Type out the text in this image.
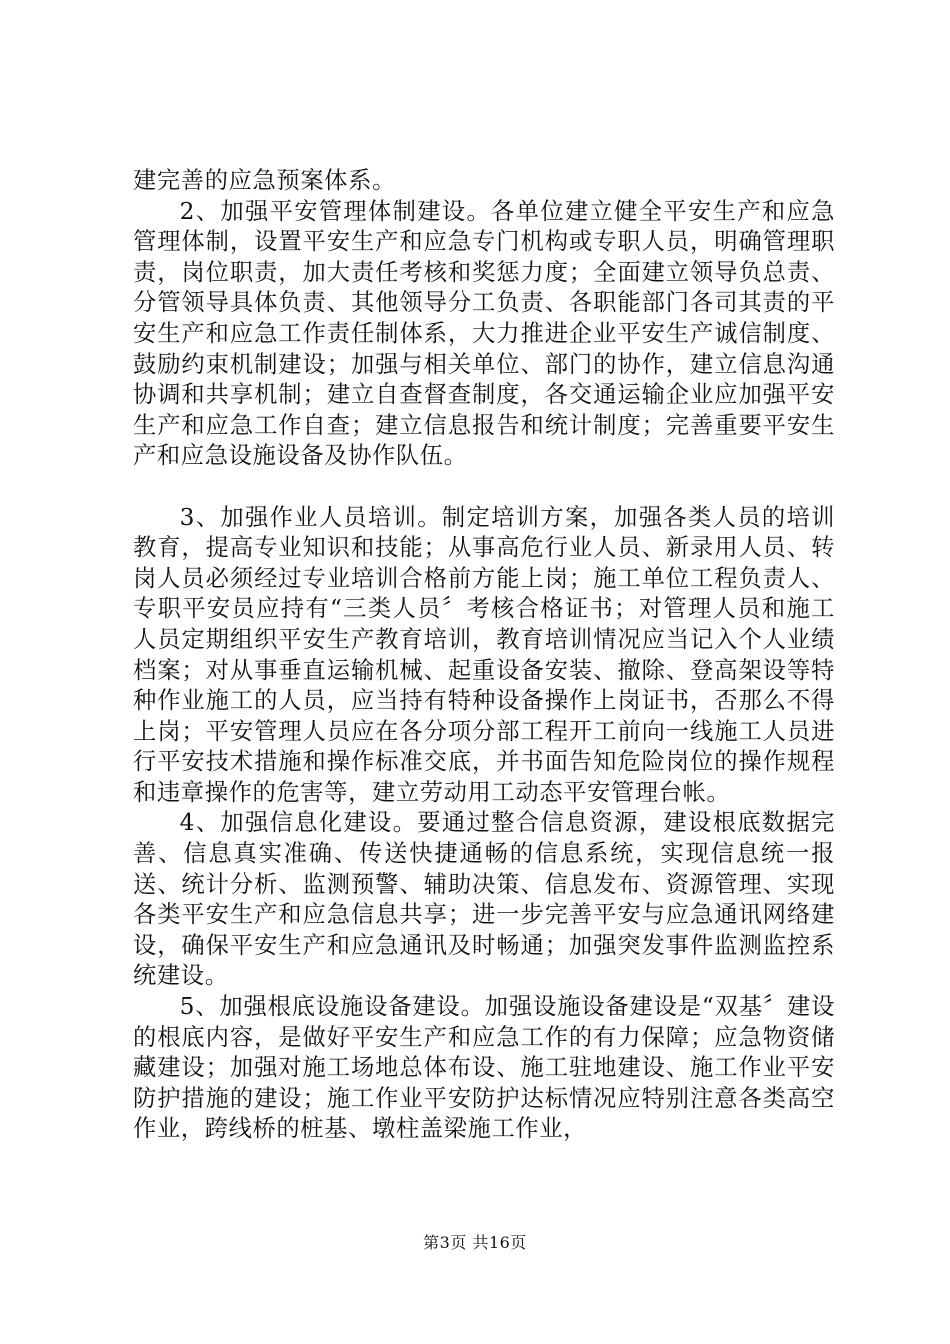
建完善的应急预案体系。

2、加强平安管理体制建设。各单位建立健全平安生产和应急管理体制，设置平安生产和应急专门机构或专职人员，明确管理职责，岗位职责，加大责任考核和奖惩力度；全面建立领导负总责、分管领导具体负责、其他领导分工负责、各职能部门各司其责的平安生产和应急工作责任制体系，大力推进企业平安生产诚信制度、鼓励约束机制建设；加强与相关单位、部门的协作，建立信息沟通协调和共享机制；建立自查督查制度，各交通运输企业应加强平安生产和应急工作自查；建立信息报告和统计制度；完善重要平安生产和应急设施设备及协作队伍。

3、加强作业人员培训。制定培训方案，加强各类人员的培训教育，提高专业知识和技能；从事高危行业人员、新录用人员、转岗人员必须经过专业培训合格前方能上岗；施工单位工程负责人、专职平安员应持有“三类人员〞考核合格证书；对管理人员和施工人员定期组织平安生产教育培训，教育培训情况应当记入个人业绩档案；对从事垂直运输机械、起重设备安装、撤除、登高架设等特种作业施工的人员，应当持有特种设备操作上岗证书，否那么不得上岗；平安管理人员应在各分项分部工程开工前向一线施工人员进行平安技术措施和操作标准交底，并书面告知危险岗位的操作规程和违章操作的危害等，建立劳动用工动态平安管理台帐。

4、加强信息化建设。要通过整合信息资源，建设根底数据完善、信息真实准确、传送快捷通畅的信息系统，实现信息统一报送、统计分析、监测预警、辅助决策、信息发布、资源管理、实现各类平安生产和应急信息共享；进一步完善平安与应急通讯网络建设，确保平安生产和应急通讯及时畅通；加强突发事件监测监控系统建设。

5、加强根底设施设备建设。加强设施设备建设是“双基〞建设的根底内容，是做好平安生产和应急工作的有力保障；应急物资储藏建设；加强对施工场地总体布设、施工驻地建设、施工作业平安防护措施的建设；施工作业平安防护达标情况应特别注意各类高空作业，跨线桥的桩基、墩柱盖梁施工作业，

第3页 共16页
